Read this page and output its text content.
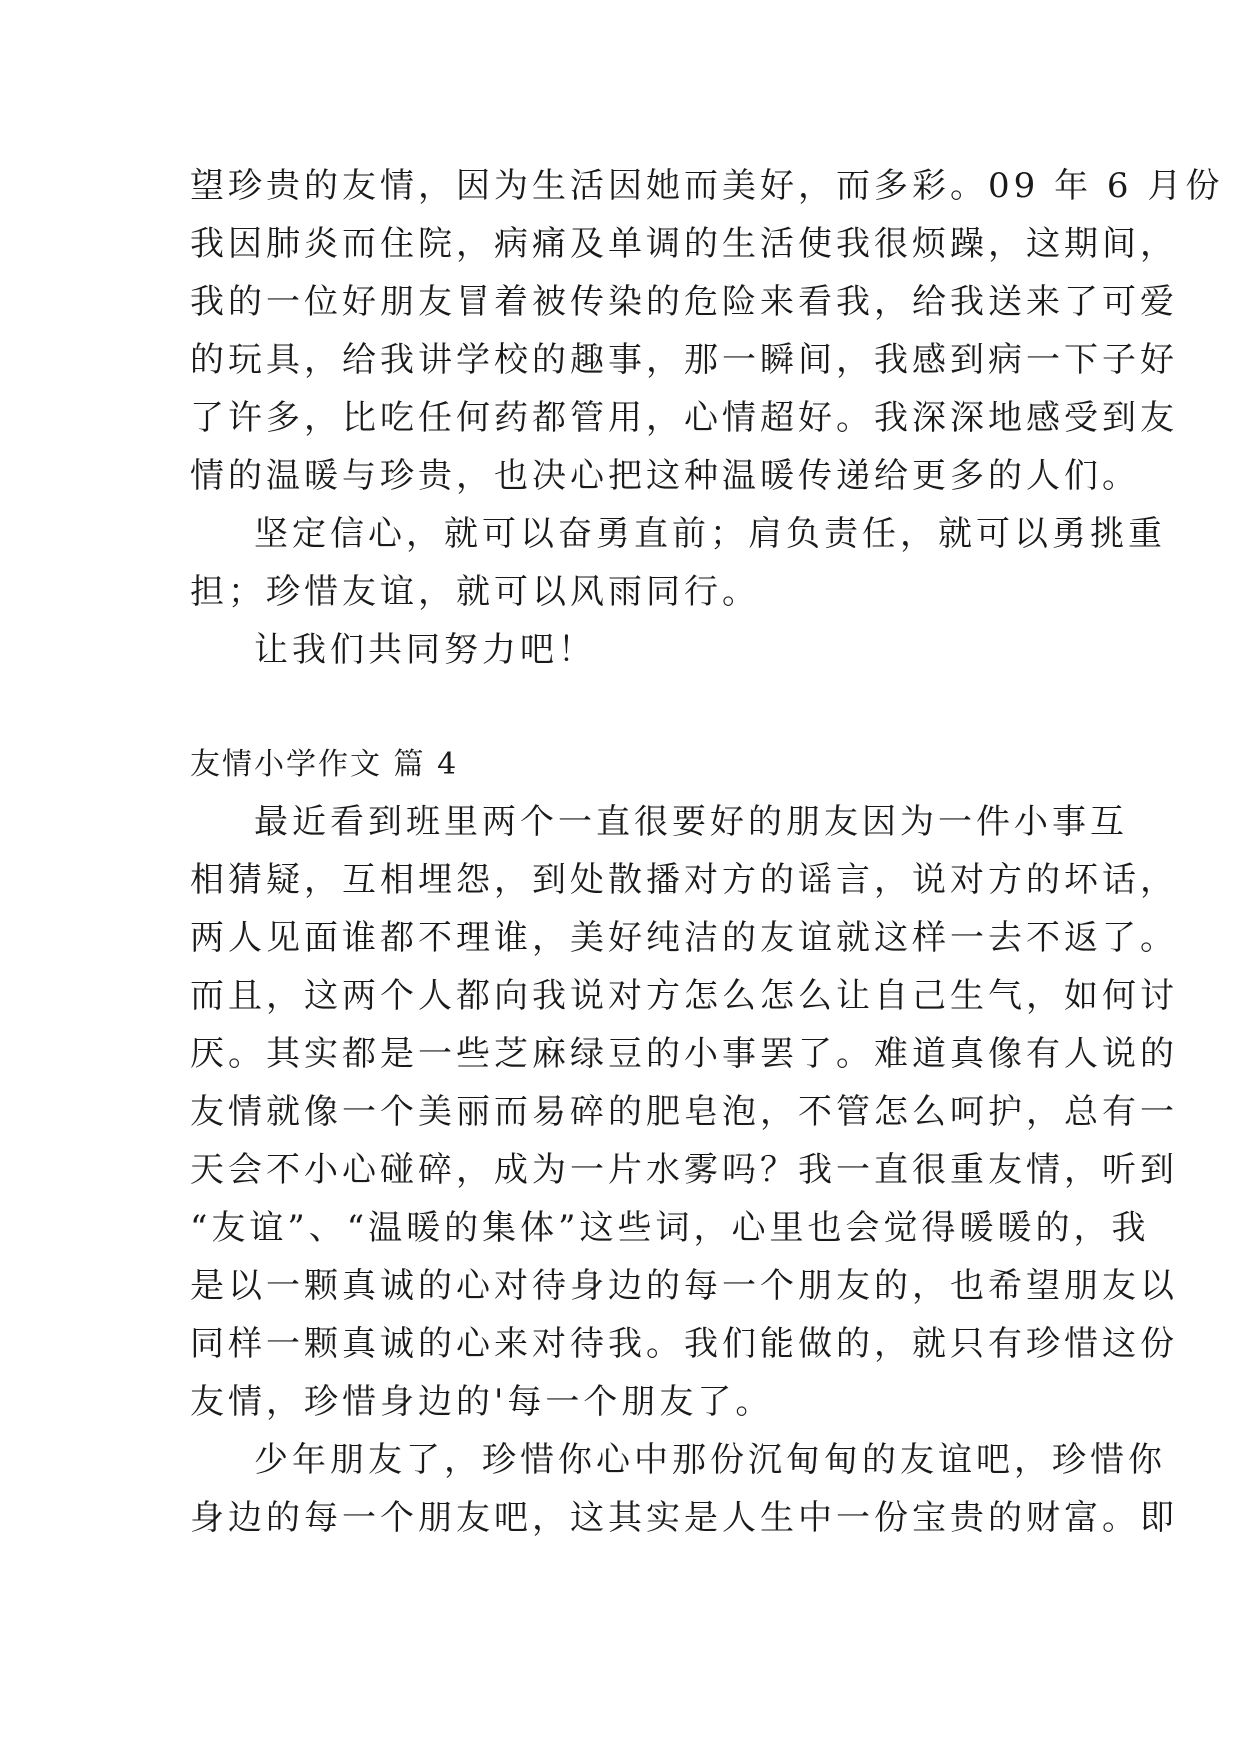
望珍贵的友情，因为生活因她而美好，而多彩。09 年 6 月份
我因肺炎而住院，病痛及单调的生活使我很烦躁，这期间，
我的一位好朋友冒着被传染的危险来看我，给我送来了可爱
的玩具，给我讲学校的趣事，那一瞬间，我感到病一下子好
了许多，比吃任何药都管用，心情超好。我深深地感受到友
情的温暖与珍贵，也决心把这种温暖传递给更多的人们。
坚定信心，就可以奋勇直前；肩负责任，就可以勇挑重
担；珍惜友谊，就可以风雨同行。
让我们共同努力吧！
友情小学作文 篇 4
最近看到班里两个一直很要好的朋友因为一件小事互
相猜疑，互相埋怨，到处散播对方的谣言，说对方的坏话，
两人见面谁都不理谁，美好纯洁的友谊就这样一去不返了。
而且，这两个人都向我说对方怎么怎么让自己生气，如何讨
厌。其实都是一些芝麻绿豆的小事罢了。难道真像有人说的
友情就像一个美丽而易碎的肥皂泡，不管怎么呵护，总有一
天会不小心碰碎，成为一片水雾吗？我一直很重友情，听到
“友谊”、“温暖的集体”这些词，心里也会觉得暖暖的，我
是以一颗真诚的心对待身边的每一个朋友的，也希望朋友以
同样一颗真诚的心来对待我。我们能做的，就只有珍惜这份
友情，珍惜身边的'每一个朋友了。
少年朋友了，珍惜你心中那份沉甸甸的友谊吧，珍惜你
身边的每一个朋友吧，这其实是人生中一份宝贵的财富。即
